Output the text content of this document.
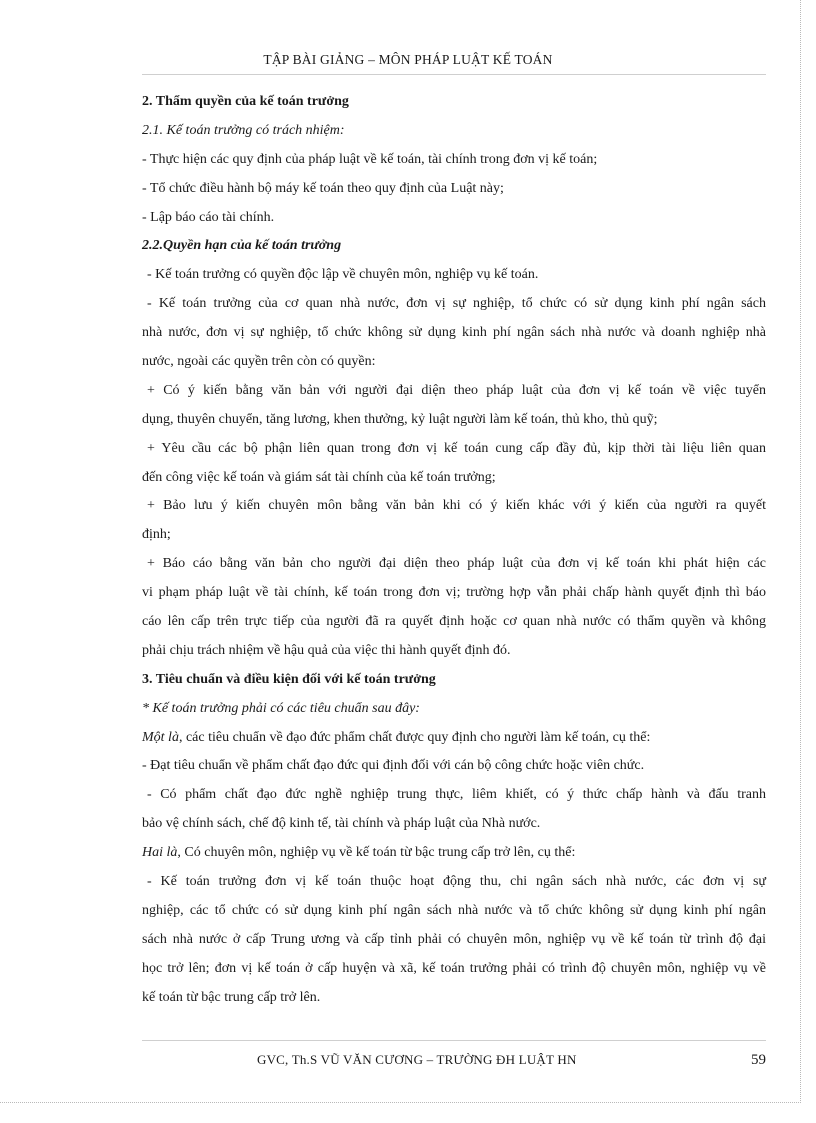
TẬP BÀI GIẢNG – MÔN PHÁP LUẬT KẾ TOÁN

2. Thẩm quyền của kế toán trưởng

2.1. Kế toán trưởng có trách nhiệm:

- Thực hiện các quy định của pháp luật về kế toán, tài chính trong đơn vị kế toán;

- Tổ chức điều hành bộ máy kế toán theo quy định của Luật này;

- Lập báo cáo tài chính.

2.2.Quyền hạn của kế toán trưởng

- Kế toán trưởng có quyền độc lập về chuyên môn, nghiệp vụ kế toán.

- Kế toán trưởng của cơ quan nhà nước, đơn vị sự nghiệp, tổ chức có sử dụng kinh phí ngân sách

nhà nước, đơn vị sự nghiệp, tổ chức không sử dụng kinh phí ngân sách nhà nước và doanh nghiệp nhà

nước, ngoài các quyền trên còn có quyền:

+ Có ý kiến bằng văn bản với người đại diện theo pháp luật của đơn vị kế toán về việc tuyển

dụng, thuyên chuyển, tăng lương, khen thưởng, kỷ luật người làm kế toán, thủ kho, thủ quỹ;

+ Yêu cầu các bộ phận liên quan trong đơn vị kế toán cung cấp đầy đủ, kịp thời tài liệu liên quan

đến công việc kế toán và giám sát tài chính của kế toán trưởng;

+ Bảo lưu ý kiến chuyên môn bằng văn bản khi có ý kiến khác với ý kiến của người ra quyết

định;

+ Báo cáo bằng văn bản cho người đại diện theo pháp luật của đơn vị kế toán khi phát hiện các

vi phạm pháp luật về tài chính, kế toán trong đơn vị; trường hợp vẫn phải chấp hành quyết định thì báo

cáo lên cấp trên trực tiếp của người đã ra quyết định hoặc cơ quan nhà nước có thẩm quyền và không

phải chịu trách nhiệm về hậu quả của việc thi hành quyết định đó.

3. Tiêu chuẩn và điều kiện đối với kế toán trưởng

* Kế toán trưởng phải có các tiêu chuẩn sau đây:

Một là, các tiêu chuẩn về đạo đức phẩm chất được quy định cho người làm kế toán, cụ thể:

- Đạt tiêu chuẩn về phẩm chất đạo đức qui định đối với cán bộ công chức hoặc viên chức.

- Có phẩm chất đạo đức nghề nghiệp trung thực, liêm khiết, có ý thức chấp hành và đấu tranh

bảo vệ chính sách, chế độ kinh tế, tài chính và pháp luật của Nhà nước.

Hai là, Có chuyên môn, nghiệp vụ về kế toán từ bậc trung cấp trở lên, cụ thể:

- Kế toán trưởng đơn vị kế toán thuộc hoạt động thu, chi ngân sách nhà nước, các đơn vị sự

nghiệp, các tổ chức có sử dụng kinh phí ngân sách nhà nước và tổ chức không sử dụng kinh phí ngân

sách nhà nước ở cấp Trung ương và cấp tỉnh phải có chuyên môn, nghiệp vụ về kế toán từ trình độ đại

học trở lên; đơn vị kế toán ở cấp huyện và xã, kế toán trưởng phải có trình độ chuyên môn, nghiệp vụ về

kế toán từ bậc trung cấp trở lên.

GVC, Th.S VŨ VĂN CƯƠNG – TRƯỜNG ĐH LUẬT HN	59
